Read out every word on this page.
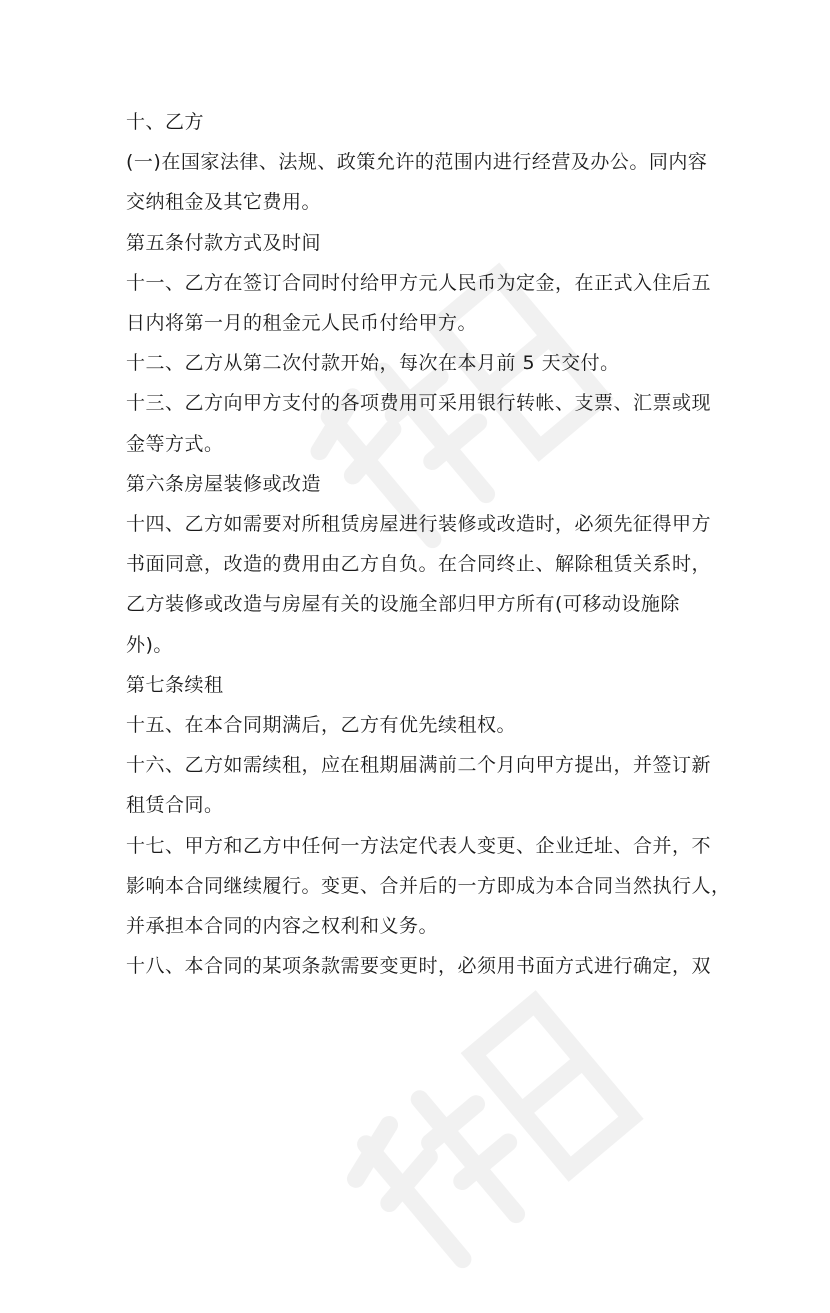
十、乙方
(一)在国家法律、法规、政策允许的范围内进行经营及办公。同内容
交纳租金及其它费用。
第五条付款方式及时间
十一、乙方在签订合同时付给甲方元人民币为定金，在正式入住后五
日内将第一月的租金元人民币付给甲方。
十二、乙方从第二次付款开始，每次在本月前 5 天交付。
十三、乙方向甲方支付的各项费用可采用银行转帐、支票、汇票或现
金等方式。
第六条房屋装修或改造
十四、乙方如需要对所租赁房屋进行装修或改造时，必须先征得甲方
书面同意，改造的费用由乙方自负。在合同终止、解除租赁关系时，
乙方装修或改造与房屋有关的设施全部归甲方所有(可移动设施除
外)。
第七条续租
十五、在本合同期满后，乙方有优先续租权。
十六、乙方如需续租，应在租期届满前二个月向甲方提出，并签订新
租赁合同。
十七、甲方和乙方中任何一方法定代表人变更、企业迁址、合并，不
影响本合同继续履行。变更、合并后的一方即成为本合同当然执行人，
并承担本合同的内容之权利和义务。
十八、本合同的某项条款需要变更时，必须用书面方式进行确定，双
